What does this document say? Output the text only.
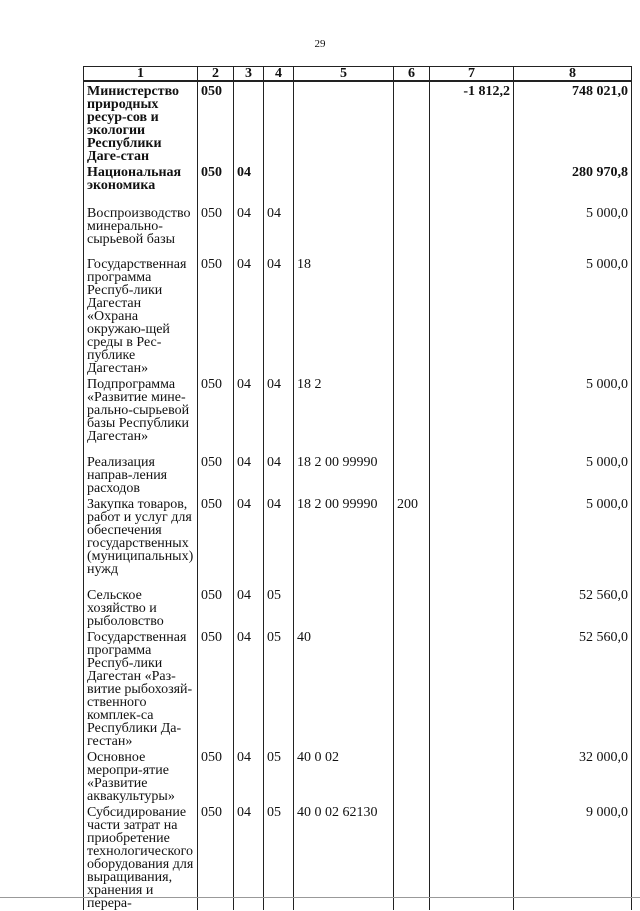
29
1	2	3	4	5	6	7	8
Министерство природных ресур-сов и экологии Республики Даге-стан	050					-1 812,2	748 021,0
Национальная экономика	050	04					280 970,8
Воспроизводство минерально-сырьевой базы	050	04	04				5 000,0
Государственная программа Респуб-лики Дагестан «Охрана окружаю-щей среды в Рес-публике Дагестан»	050	04	04	18			5 000,0
Подпрограмма «Развитие мине-рально-сырьевой базы Республики Дагестан»	050	04	04	18 2			5 000,0
Реализация направ-ления расходов	050	04	04	18 2 00 99990			5 000,0
Закупка товаров, работ и услуг для обеспечения государственных (муниципальных) нужд	050	04	04	18 2 00 99990	200		5 000,0
Сельское хозяйство и рыболовство	050	04	05				52 560,0
Государственная программа Респуб-лики Дагестан «Раз-витие рыбохозяй-ственного комплек-са Республики Да-гестан»	050	04	05	40			52 560,0
Основное меропри-ятие «Развитие аквакультуры»	050	04	05	40 0 02			32 000,0
Субсидирование части затрат на приобретение технологического оборудования для выращивания, хранения и перера-	050	04	05	40 0 02 62130			9 000,0
